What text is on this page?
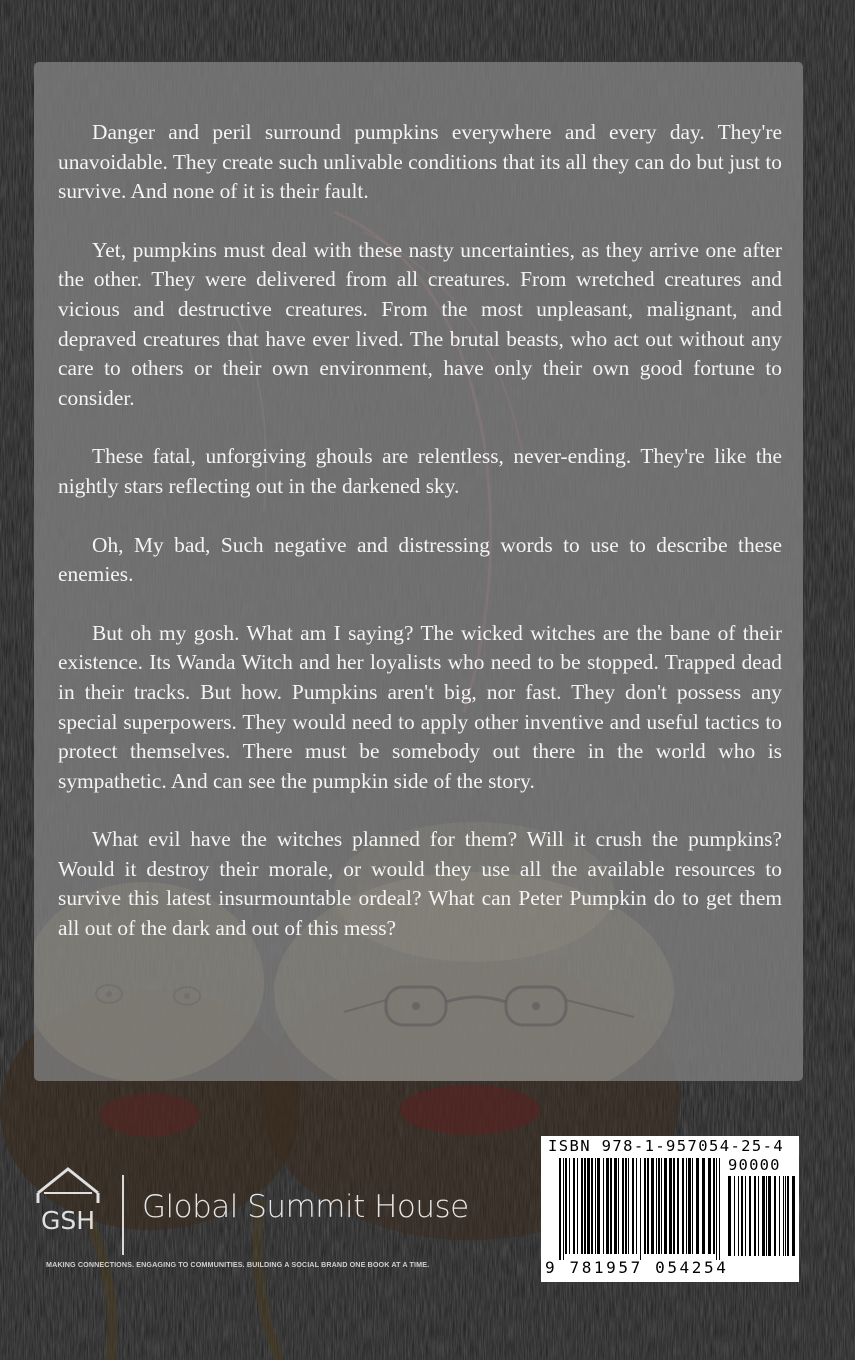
Danger and peril surround pumpkins everywhere and every day. They're unavoidable. They create such unlivable conditions that its all they can do but just to survive. And none of it is their fault.

Yet, pumpkins must deal with these nasty uncertainties, as they arrive one after the other. They were delivered from all creatures. From wretched creatures and vicious and destructive creatures. From the most unpleasant, malignant, and depraved creatures that have ever lived. The brutal beasts, who act out without any care to others or their own environment, have only their own good fortune to consider.

These fatal, unforgiving ghouls are relentless, never-ending. They're like the nightly stars reflecting out in the darkened sky.

Oh, My bad, Such negative and distressing words to use to describe these enemies.

But oh my gosh. What am I saying? The wicked witches are the bane of their existence. Its Wanda Witch and her loyalists who need to be stopped. Trapped dead in their tracks. But how. Pumpkins aren't big, nor fast. They don't possess any special superpowers. They would need to apply other inventive and useful tactics to protect themselves. There must be somebody out there in the world who is sympathetic. And can see the pumpkin side of the story.

What evil have the witches planned for them? Will it crush the pumpkins? Would it destroy their morale, or would they use all the available resources to survive this latest insurmountable ordeal? What can Peter Pumpkin do to get them all out of the dark and out of this mess?

GSH Global Summit House
MAKING CONNECTIONS. ENGAGING TO COMMUNITIES. BUILDING A SOCIAL BRAND ONE BOOK AT A TIME.
ISBN 978-1-957054-25-4
90000
9 781957 054254
